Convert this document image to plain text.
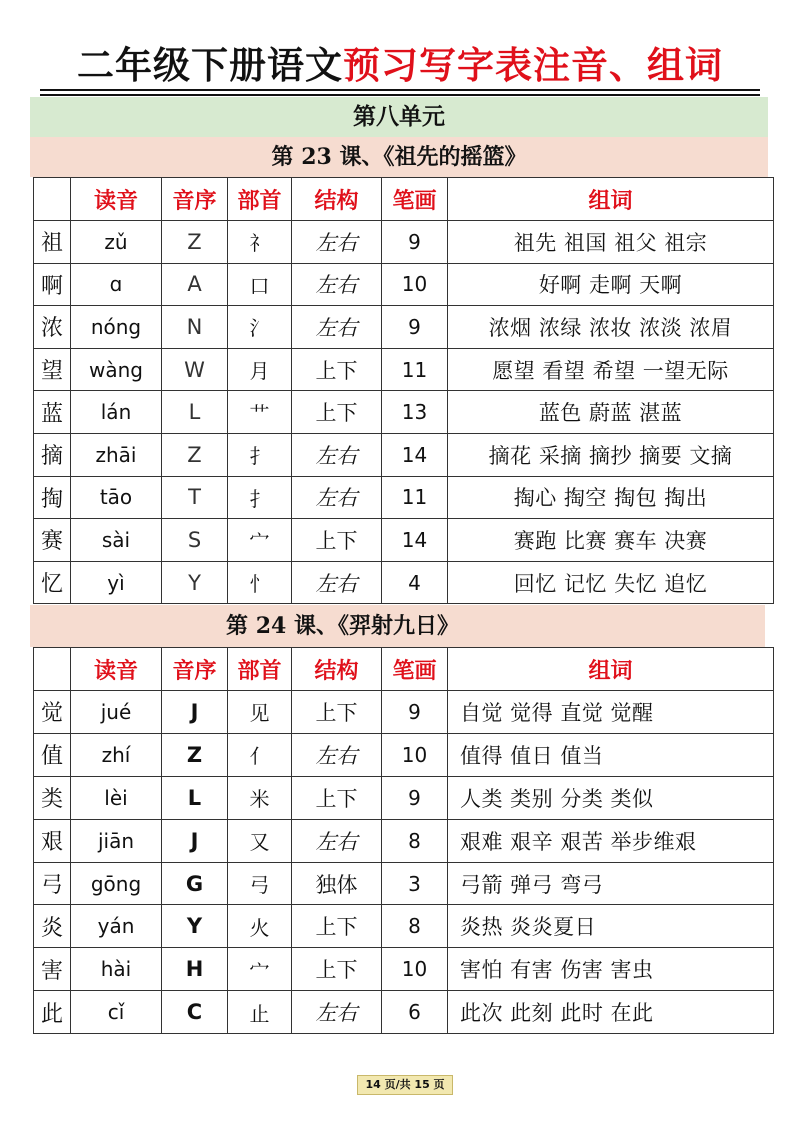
二年级下册语文预习写字表注音、组词
第八单元
第 23 课、《祖先的摇篮》
	读音	音序	部首	结构	笔画	组词
祖	zǔ	Z	礻	左右	9	祖先 祖国 祖父 祖宗
啊	ɑ	A	口	左右	10	好啊 走啊 天啊
浓	nóng	N	氵	左右	9	浓烟 浓绿 浓妆 浓淡 浓眉
望	wàng	W	月	上下	11	愿望 看望 希望 一望无际
蓝	lán	L	艹	上下	13	蓝色 蔚蓝 湛蓝
摘	zhāi	Z	扌	左右	14	摘花 采摘 摘抄 摘要 文摘
掏	tāo	T	扌	左右	11	掏心 掏空 掏包 掏出
赛	sài	S	宀	上下	14	赛跑 比赛 赛车 决赛
忆	yì	Y	忄	左右	4	回忆 记忆 失忆 追忆
第 24 课、《羿射九日》
	读音	音序	部首	结构	笔画	组词
觉	jué	J	见	上下	9	自觉 觉得 直觉 觉醒
值	zhí	Z	亻	左右	10	值得 值日 值当
类	lèi	L	米	上下	9	人类 类别 分类 类似
艰	jiān	J	又	左右	8	艰难 艰辛 艰苦 举步维艰
弓	gōng	G	弓	独体	3	弓箭 弹弓 弯弓
炎	yán	Y	火	上下	8	炎热 炎炎夏日
害	hài	H	宀	上下	10	害怕 有害 伤害 害虫
此	cǐ	C	止	左右	6	此次 此刻 此时 在此
14 页/共 15 页
